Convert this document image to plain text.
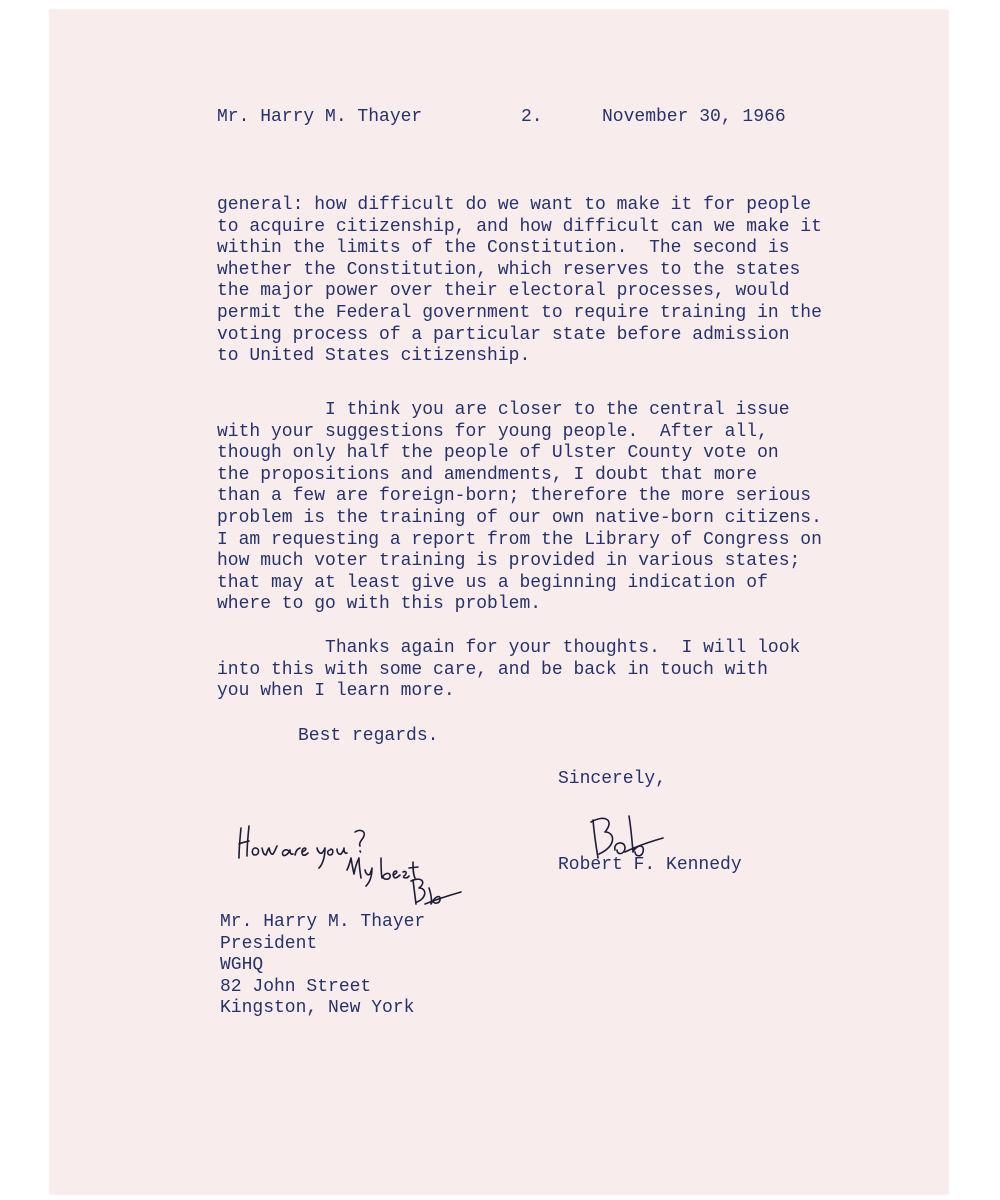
Mr. Harry M. Thayer	2.	November 30, 1966

general: how difficult do we want to make it for people
to acquire citizenship, and how difficult can we make it
within the limits of the Constitution.  The second is
whether the Constitution, which reserves to the states
the major power over their electoral processes, would
permit the Federal government to require training in the
voting process of a particular state before admission
to United States citizenship.

I think you are closer to the central issue
with your suggestions for young people.  After all,
though only half the people of Ulster County vote on
the propositions and amendments, I doubt that more
than a few are foreign-born; therefore the more serious
problem is the training of our own native-born citizens.
I am requesting a report from the Library of Congress on
how much voter training is provided in various states;
that may at least give us a beginning indication of
where to go with this problem.

Thanks again for your thoughts.  I will look
into this with some care, and be back in touch with
you when I learn more.

Best regards.

Sincerely,

Robert F. Kennedy

Mr. Harry M. Thayer
President
WGHQ
82 John Street
Kingston, New York
